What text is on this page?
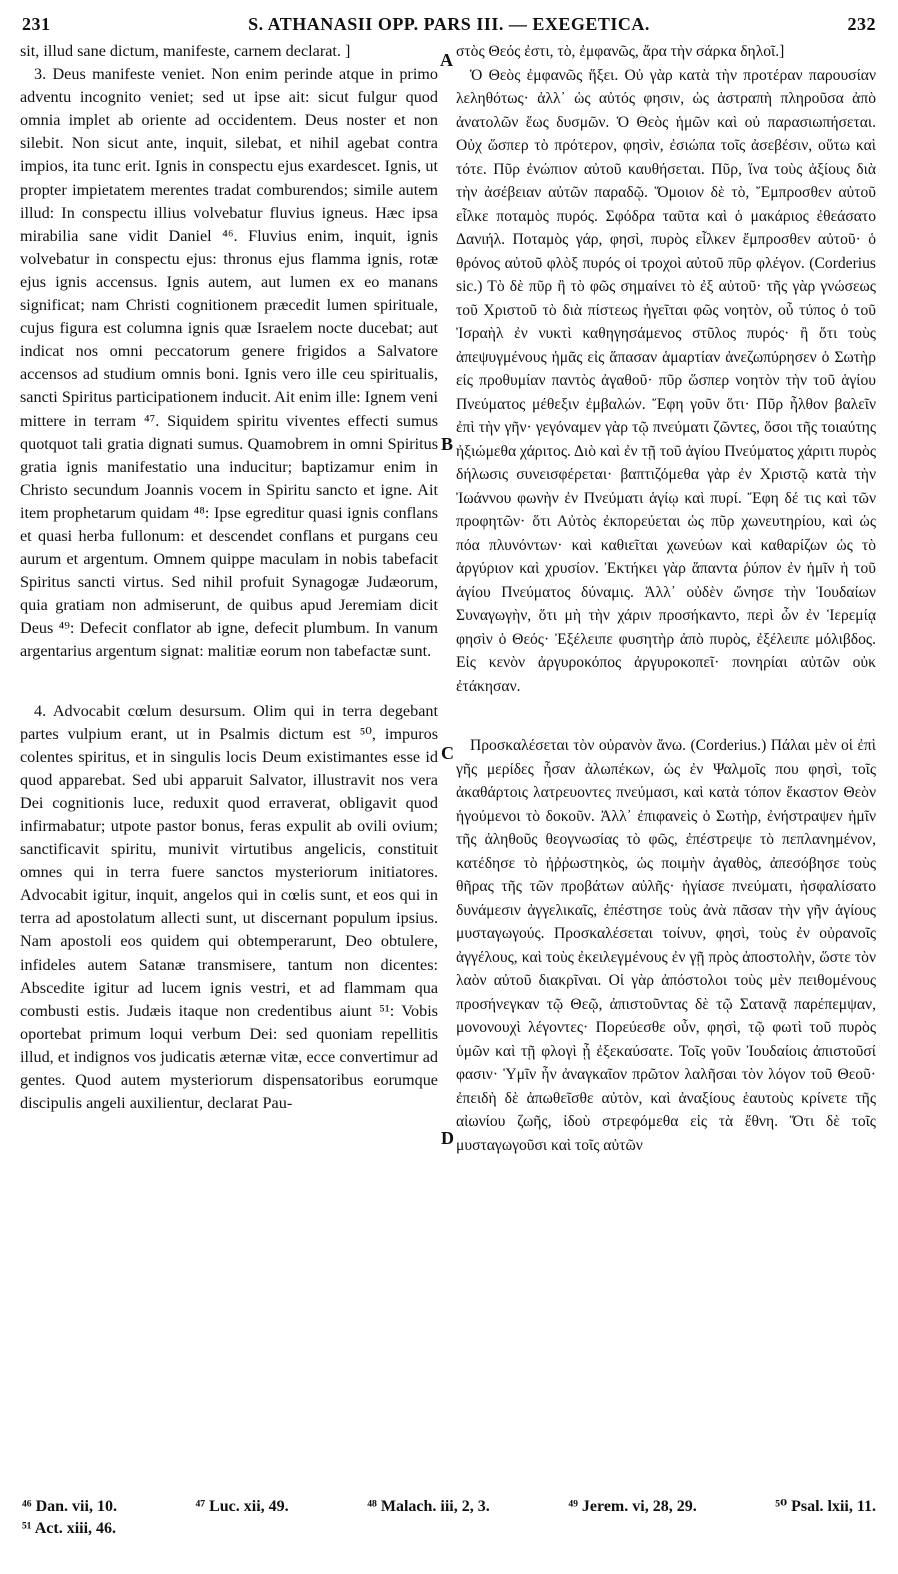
231	S. ATHANASII OPP. PARS III. — EXEGETICA.	232

sit, illud sane dictum, manifeste, carnem declarat. ]

3. Deus manifeste veniet. Non enim perinde atque in primo adventu incognito veniet; sed ut ipse ait: sicut fulgur quod omnia implet ab oriente ad occidentem. Deus noster et non silebit. Non sicut ante, inquit, silebat, et nihil agebat contra impios, ita tunc erit. Ignis in conspectu ejus exardescet. Ignis, ut propter impietatem merentes tradat comburendos; simile autem illud: In conspectu illius volvebatur fluvius igneus. Hæc ipsa mirabilia sane vidit Daniel ⁴⁶. Fluvius enim, inquit, ignis volvebatur in conspectu ejus: thronus ejus flamma ignis, rotæ ejus ignis accensus. Ignis autem, aut lumen ex eo manans significat; nam Christi cognitionem præcedit lumen spirituale, cujus figura est columna ignis quæ Israelem nocte ducebat; aut indicat nos omni peccatorum genere frigidos a Salvatore accensos ad studium omnis boni. Ignis vero ille ceu spiritualis, sancti Spiritus participationem inducit. Ait enim ille: Ignem veni mittere in terram ⁴⁷. Siquidem spiritu viventes effecti sumus quotquot tali gratia dignati sumus. Quamobrem in omni Spiritus gratia ignis manifestatio una inducitur; baptizamur enim in Christo secundum Joannis vocem in Spiritu sancto et igne. Ait item prophetarum quidam ⁴⁸: Ipse egreditur quasi ignis conflans et quasi herba fullonum: et descendet conflans et purgans ceu aurum et argentum. Omnem quippe maculam in nobis tabefacit Spiritus sancti virtus. Sed nihil profuit Synagogæ Judæorum, quia gratiam non admiserunt, de quibus apud Jeremiam dicit Deus ⁴⁹: Defecit conflator ab igne, defecit plumbum. In vanum argentarius argentum signat: malitiæ eorum non tabefactæ sunt.

4. Advocabit cœlum desursum. Olim qui in terra degebant partes vulpium erant, ut in Psalmis dictum est ⁵⁰, impuros colentes spiritus, et in singulis locis Deum existimantes esse id quod apparebat. Sed ubi apparuit Salvator, illustravit nos vera Dei cognitionis luce, reduxit quod erraverat, obligavit quod infirmabatur; utpote pastor bonus, feras expulit ab ovili ovium; sanctificavit spiritu, munivit virtutibus angelicis, constituit omnes qui in terra fuere sanctos mysteriorum initiatores. Advocabit igitur, inquit, angelos qui in cœlis sunt, et eos qui in terra ad apostolatum allecti sunt, ut discernant populum ipsius. Nam apostoli eos quidem qui obtemperarunt, Deo obtulere, infideles autem Satanæ transmisere, tantum non dicentes: Abscedite igitur ad lucem ignis vestri, et ad flammam qua combusti estis. Judæis itaque non credentibus aiunt ⁵¹: Vobis oportebat primum loqui verbum Dei: sed quoniam repellitis illud, et indignos vos judicatis æternæ vitæ, ecce convertimur ad gentes. Quod autem mysteriorum dispensatoribus eorumque discipulis angeli auxilientur, declarat Pau-

A
B
C
D

στὸς Θεός ἐστι, τὸ, ἐμφανῶς, ἄρα τὴν σάρκα δηλοῖ.]

Ὁ Θεὸς ἐμφανῶς ἥξει. Οὐ γὰρ κατὰ τὴν προτέραν παρουσίαν λεληθότως· ἀλλ᾽ ὡς αὐτός φησιν, ὡς ἀστραπὴ πληροῦσα ἀπὸ ἀνατολῶν ἕως δυσμῶν. Ὁ Θεὸς ἡμῶν καὶ οὐ παρασιωπήσεται. Οὐχ ὥσπερ τὸ πρότερον, φησὶν, ἐσιώπα τοῖς ἀσεβέσιν, οὕτω καὶ τότε. Πῦρ ἐνώπιον αὐτοῦ καυθήσεται. Πῦρ, ἵνα τοὺς ἀξίους διὰ τὴν ἀσέβειαν αὐτῶν παραδῷ. Ὅμοιον δὲ τὸ, Ἔμπροσθεν αὐτοῦ εἷλκε ποταμὸς πυρός. Σφόδρα ταῦτα καὶ ὁ μακάριος ἐθεάσατο Δανιήλ. Ποταμὸς γάρ, φησὶ, πυρὸς εἷλκεν ἔμπροσθεν αὐτοῦ· ὁ θρόνος αὐτοῦ φλὸξ πυρός οἱ τροχοὶ αὐτοῦ πῦρ φλέγον. (Corderius sic.) Τὸ δὲ πῦρ ἢ τὸ φῶς σημαίνει τὸ ἐξ αὐτοῦ· τῆς γὰρ γνώσεως τοῦ Χριστοῦ τὸ διὰ πίστεως ἡγεῖται φῶς νοητὸν, οὗ τύπος ὁ τοῦ Ἰσραὴλ ἐν νυκτὶ καθηγησάμενος στῦλος πυρός· ἢ ὅτι τοὺς ἀπεψυγμένους ἡμᾶς εἰς ἅπασαν ἁμαρτίαν ἀνεζωπύρησεν ὁ Σωτὴρ εἰς προθυμίαν παντὸς ἀγαθοῦ· πῦρ ὥσπερ νοητὸν τὴν τοῦ ἁγίου Πνεύματος μέθεξιν ἐμβαλών. Ἔφη γοῦν ὅτι· Πῦρ ἦλθον βαλεῖν ἐπὶ τὴν γῆν· γεγόναμεν γὰρ τῷ πνεύματι ζῶντες, ὅσοι τῆς τοιαύτης ἠξιώμεθα χάριτος. Διὸ καὶ ἐν τῇ τοῦ ἁγίου Πνεύματος χάριτι πυρὸς δήλωσις συνεισφέρεται· βαπτιζόμεθα γὰρ ἐν Χριστῷ κατὰ τὴν Ἰωάννου φωνὴν ἐν Πνεύματι ἁγίῳ καὶ πυρί. Ἔφη δέ τις καὶ τῶν προφητῶν· ὅτι Αὐτὸς ἐκπορεύεται ὡς πῦρ χωνευτηρίου, καὶ ὡς πόα πλυνόντων· καὶ καθιεῖται χωνεύων καὶ καθαρίζων ὡς τὸ ἀργύριον καὶ χρυσίον. Ἐκτήκει γὰρ ἅπαντα ῥύπον ἐν ἡμῖν ἡ τοῦ ἁγίου Πνεύματος δύναμις. Ἀλλ᾽ οὐδὲν ὤνησε τὴν Ἰουδαίων Συναγωγὴν, ὅτι μὴ τὴν χάριν προσήκαντο, περὶ ὧν ἐν Ἱερεμίᾳ φησὶν ὁ Θεός· Ἐξέλειπε φυσητὴρ ἀπὸ πυρὸς, ἐξέλειπε μόλιβδος. Εἰς κενὸν ἀργυροκόπος ἀργυροκοπεῖ· πονηρίαι αὐτῶν οὐκ ἐτάκησαν.

Προσκαλέσεται τὸν οὐρανὸν ἄνω. (Corderius.) Πάλαι μὲν οἱ ἐπὶ γῆς μερίδες ἦσαν ἀλωπέκων, ὡς ἐν Ψαλμοῖς που φησὶ, τοῖς ἀκαθάρτοις λατρευοντες πνεύμασι, καὶ κατὰ τόπον ἕκαστον Θεὸν ἡγούμενοι τὸ δοκοῦν. Ἀλλ᾽ ἐπιφανεὶς ὁ Σωτὴρ, ἐνήστραψεν ἡμῖν τῆς ἀληθοῦς θεογνωσίας τὸ φῶς, ἐπέστρεψε τὸ πεπλανημένον, κατέδησε τὸ ἠῤῥωστηκὸς, ὡς ποιμὴν ἀγαθὸς, ἀπεσόβησε τοὺς θῆρας τῆς τῶν προβάτων αὐλῆς· ἡγίασε πνεύματι, ἠσφαλίσατο δυνάμεσιν ἀγγελικαῖς, ἐπέστησε τοὺς ἀνὰ πᾶσαν τὴν γῆν ἁγίους μυσταγωγούς. Προσκαλέσεται τοίνυν, φησὶ, τοὺς ἐν οὐρανοῖς ἀγγέλους, καὶ τοὺς ἐκειλεγμένους ἐν γῇ πρὸς ἀποστολὴν, ὥστε τὸν λαὸν αὐτοῦ διακρῖναι. Οἱ γὰρ ἀπόστολοι τοὺς μὲν πειθομένους προσήνεγκαν τῷ Θεῷ, ἀπιστοῦντας δὲ τῷ Σατανᾷ παρέπεμψαν, μονονουχὶ λέγοντες· Πορεύεσθε οὖν, φησὶ, τῷ φωτὶ τοῦ πυρὸς ὑμῶν καὶ τῇ φλογὶ ᾗ ἐξεκαύσατε. Τοῖς γοῦν Ἰουδαίοις ἀπιστοῦσί φασιν· Ὑμῖν ἦν ἀναγκαῖον πρῶτον λαλῆσαι τὸν λόγον τοῦ Θεοῦ· ἐπειδὴ δὲ ἀπωθεῖσθε αὐτὸν, καὶ ἀναξίους ἑαυτοὺς κρίνετε τῆς αἰωνίου ζωῆς, ἰδοὺ στρεφόμεθα εἰς τὰ ἔθνη. Ὅτι δὲ τοῖς μυσταγωγοῦσι καὶ τοῖς αὐτῶν

⁴⁶ Dan. vii, 10.	⁴⁷ Luc. xii, 49.	⁴⁸ Malach. iii, 2, 3.	⁴⁹ Jerem. vi, 28, 29.	⁵⁰ Psal. lxii, 11.
⁵¹ Act. xiii, 46.
